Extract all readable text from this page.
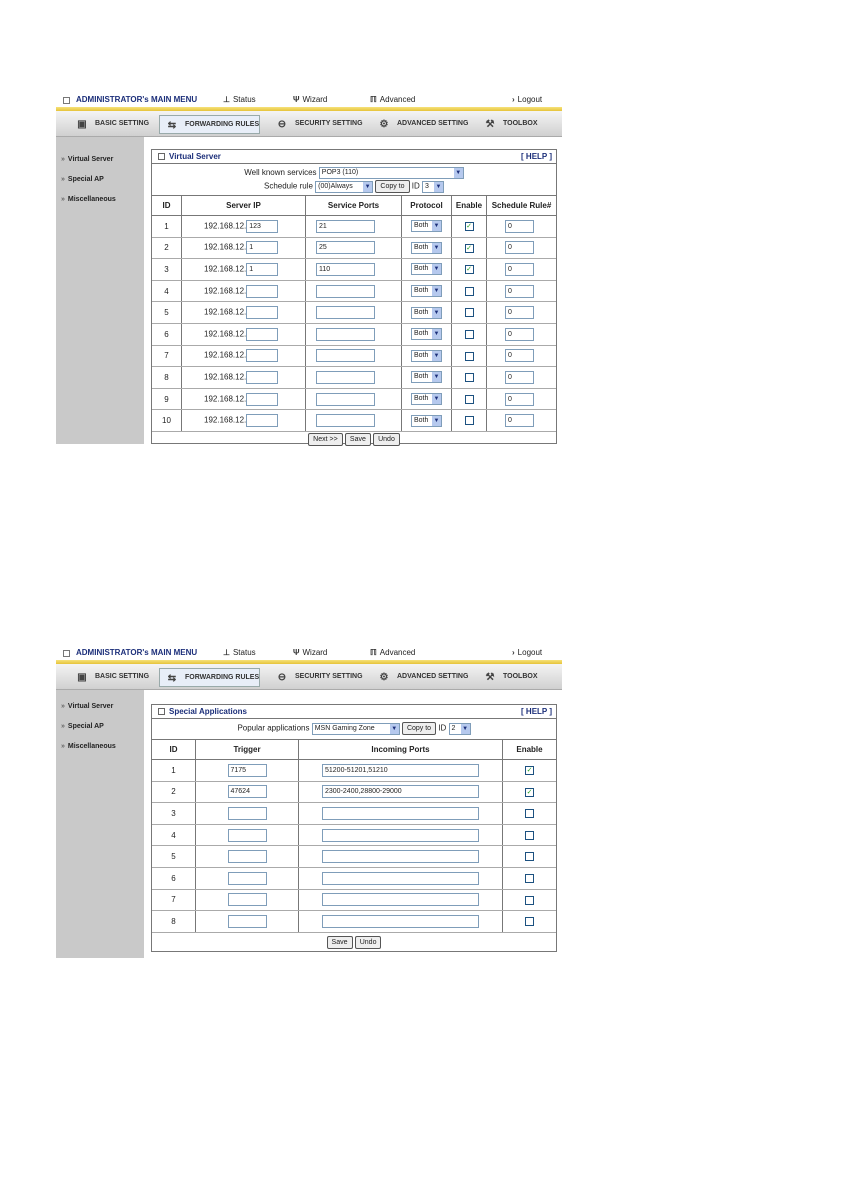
ADMINISTRATOR's MAIN MENU	⊥ Status	Ψ Wizard	ℿ Advanced	› Logout
▣ BASIC SETTING	⇆ FORWARDING RULES	⊖ SECURITY SETTING	⚙ ADVANCED SETTING	⚒ TOOLBOX
» Virtual Server
» Special AP
» Miscellaneous
Virtual Server	[ HELP ]
Well known services POP3 (110)	▼
Schedule rule (00)Always ▼ Copy to ID 3 ▼
ID	Server IP	Service Ports	Protocol	Enable	Schedule Rule#
1	192.168.12. 123	21	Both ▼	✓	0
2	192.168.12. 1	25	Both ▼	✓	0
3	192.168.12. 1	110	Both ▼	✓	0
4	192.168.12.		Both ▼		0
5	192.168.12.		Both ▼		0
6	192.168.12.		Both ▼		0
7	192.168.12.		Both ▼		0
8	192.168.12.		Both ▼		0
9	192.168.12.		Both ▼		0
10	192.168.12.		Both ▼		0
Next >> Save Undo
ADMINISTRATOR's MAIN MENU	⊥ Status	Ψ Wizard	ℿ Advanced	› Logout
▣ BASIC SETTING	⇆ FORWARDING RULES	⊖ SECURITY SETTING	⚙ ADVANCED SETTING	⚒ TOOLBOX
» Virtual Server
» Special AP
» Miscellaneous
Special Applications	[ HELP ]
Popular applications MSN Gaming Zone	▼ Copy to ID 2 ▼
ID	Trigger	Incoming Ports	Enable
1	7175	51200-51201,51210	✓
2	47624	2300-2400,28800-29000	✓
3			
4			
5			
6			
7			
8			
Save Undo
